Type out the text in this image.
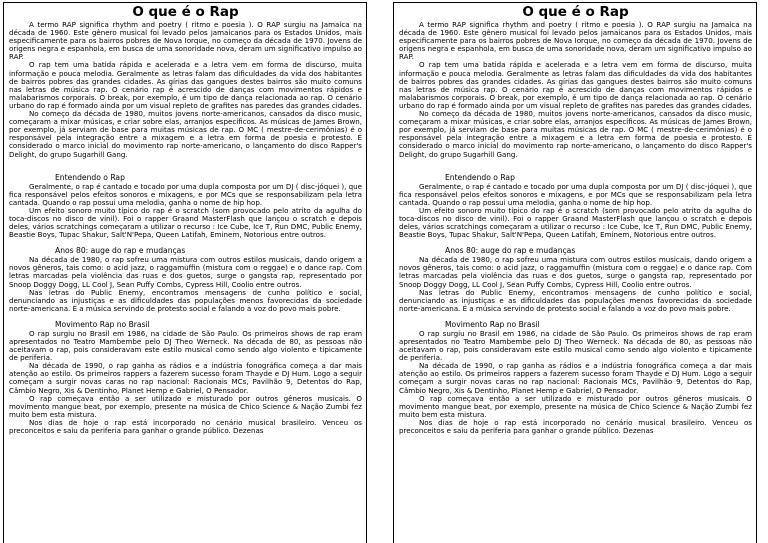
O que é o Rap

A termo RAP significa rhythm and poetry ( ritmo e poesia ). O RAP surgiu na Jamaica na década de 1960. Este gênero musical foi levado pelos jamaicanos para os Estados Unidos, mais especificamente para os bairros pobres de Nova Iorque, no começo da década de 1970. Jovens de origens negra e espanhola, em busca de uma sonoridade nova, deram um significativo impulso ao RAP.

O rap tem uma batida rápida e acelerada e a letra vem em forma de discurso, muita informação e pouca melodia. Geralmente as letras falam das dificuldades da vida dos habitantes de bairros pobres das grandes cidades. As gírias das gangues destes bairros são muito comuns nas letras de música rap. O cenário rap é acrescido de danças com movimentos rápidos e malabarismos corporais. O break, por exemplo, é um tipo de dança relacionada ao rap. O cenário urbano do rap é formado ainda por um visual repleto de grafites nas paredes das grandes cidades.

No começo da década de 1980, muitos jovens norte-americanos, cansados da disco music, começaram a mixar músicas, e criar sobre elas, arranjos específicos. As músicas de James Brown, por exemplo, já serviam de base para muitas músicas de rap. O MC ( mestre-de-cerimônias) é o responsável pela integração entre a mixagem e a letra em forma de poesia e protesto. É considerado o marco inicial do movimento rap norte-americano, o lançamento do disco Rapper's Delight, do grupo Sugarhill Gang.

Entendendo o Rap

Geralmente, o rap é cantado e tocado por uma dupla composta por um DJ ( disc-jóquei ), que fica responsável pelos efeitos sonoros e mixagens, e por MCs que se responsabilizam pela letra cantada. Quando o rap possui uma melodia, ganha o nome de hip hop.

Um efeito sonoro muito típico do rap é o scratch (som provocado pelo atrito da agulha do toca-discos no disco de vinil). Foi o rapper Graand MasterFlash que lançou o scratch e depois deles, vários scratchings começaram a utilizar o recurso : Ice Cube, Ice T, Run DMC, Public Enemy, Beastie Boys, Tupac Shakur, Salt'N'Pepa, Queen Latifah, Eminem, Notorious entre outros.

Anos 80: auge do rap e mudanças

Na década de 1980, o rap sofreu uma mistura com outros estilos musicais, dando origem a novos gêneros, tais como: o acid jazz, o raggamuffin (mistura com o reggae) e o dance rap. Com letras marcadas pela violência das ruas e dos guetos, surge o gangsta rap, representado por Snoop Doggy Dogg, LL Cool J, Sean Puffy Combs, Cypress Hill, Coolio entre outros.

Nas letras do Public Enemy, encontramos mensagens de cunho político e social, denunciando as injustiças e as dificuldades das populações menos favorecidas da sociedade norte-americana. É a música servindo de protesto social e falando a voz do povo mais pobre.

Movimento Rap no Brasil

O rap surgiu no Brasil em 1986, na cidade de São Paulo. Os primeiros shows de rap eram apresentados no Teatro Mambembe pelo DJ Theo Werneck. Na década de 80, as pessoas não aceitavam o rap, pois consideravam este estilo musical como sendo algo violento e tipicamente de periferia.

Na década de 1990, o rap ganha as rádios e a indústria fonográfica começa a dar mais atenção ao estilo. Os primeiros rappers a fazerem sucesso foram Thayde e DJ Hum. Logo a seguir começam a surgir novas caras no rap nacional: Racionais MCs, Pavilhão 9, Detentos do Rap, Câmbio Negro, Xis & Dentinho, Planet Hemp e Gabriel, O Pensador.

O rap começava então a ser utilizado e misturado por outros gêneros musicais. O movimento mangue beat, por exemplo, presente na música de Chico Science & Nação Zumbi fez muito bem esta mistura.

Nos dias de hoje o rap está incorporado no cenário musical brasileiro. Venceu os preconceitos e saiu da periferia para ganhar o grande público. Dezenas

O que é o Rap

A termo RAP significa rhythm and poetry ( ritmo e poesia ). O RAP surgiu na Jamaica na década de 1960. Este gênero musical foi levado pelos jamaicanos para os Estados Unidos, mais especificamente para os bairros pobres de Nova Iorque, no começo da década de 1970. Jovens de origens negra e espanhola, em busca de uma sonoridade nova, deram um significativo impulso ao RAP.

O rap tem uma batida rápida e acelerada e a letra vem em forma de discurso, muita informação e pouca melodia. Geralmente as letras falam das dificuldades da vida dos habitantes de bairros pobres das grandes cidades. As gírias das gangues destes bairros são muito comuns nas letras de música rap. O cenário rap é acrescido de danças com movimentos rápidos e malabarismos corporais. O break, por exemplo, é um tipo de dança relacionada ao rap. O cenário urbano do rap é formado ainda por um visual repleto de grafites nas paredes das grandes cidades.

No começo da década de 1980, muitos jovens norte-americanos, cansados da disco music, começaram a mixar músicas, e criar sobre elas, arranjos específicos. As músicas de James Brown, por exemplo, já serviam de base para muitas músicas de rap. O MC ( mestre-de-cerimônias) é o responsável pela integração entre a mixagem e a letra em forma de poesia e protesto. É considerado o marco inicial do movimento rap norte-americano, o lançamento do disco Rapper's Delight, do grupo Sugarhill Gang.

Entendendo o Rap

Geralmente, o rap é cantado e tocado por uma dupla composta por um DJ ( disc-jóquei ), que fica responsável pelos efeitos sonoros e mixagens, e por MCs que se responsabilizam pela letra cantada. Quando o rap possui uma melodia, ganha o nome de hip hop.

Um efeito sonoro muito típico do rap é o scratch (som provocado pelo atrito da agulha do toca-discos no disco de vinil). Foi o rapper Graand MasterFlash que lançou o scratch e depois deles, vários scratchings começaram a utilizar o recurso : Ice Cube, Ice T, Run DMC, Public Enemy, Beastie Boys, Tupac Shakur, Salt'N'Pepa, Queen Latifah, Eminem, Notorious entre outros.

Anos 80: auge do rap e mudanças

Na década de 1980, o rap sofreu uma mistura com outros estilos musicais, dando origem a novos gêneros, tais como: o acid jazz, o raggamuffin (mistura com o reggae) e o dance rap. Com letras marcadas pela violência das ruas e dos guetos, surge o gangsta rap, representado por Snoop Doggy Dogg, LL Cool J, Sean Puffy Combs, Cypress Hill, Coolio entre outros.

Nas letras do Public Enemy, encontramos mensagens de cunho político e social, denunciando as injustiças e as dificuldades das populações menos favorecidas da sociedade norte-americana. É a música servindo de protesto social e falando a voz do povo mais pobre.

Movimento Rap no Brasil

O rap surgiu no Brasil em 1986, na cidade de São Paulo. Os primeiros shows de rap eram apresentados no Teatro Mambembe pelo DJ Theo Werneck. Na década de 80, as pessoas não aceitavam o rap, pois consideravam este estilo musical como sendo algo violento e tipicamente de periferia.

Na década de 1990, o rap ganha as rádios e a indústria fonográfica começa a dar mais atenção ao estilo. Os primeiros rappers a fazerem sucesso foram Thayde e DJ Hum. Logo a seguir começam a surgir novas caras no rap nacional: Racionais MCs, Pavilhão 9, Detentos do Rap, Câmbio Negro, Xis & Dentinho, Planet Hemp e Gabriel, O Pensador.

O rap começava então a ser utilizado e misturado por outros gêneros musicais. O movimento mangue beat, por exemplo, presente na música de Chico Science & Nação Zumbi fez muito bem esta mistura.

Nos dias de hoje o rap está incorporado no cenário musical brasileiro. Venceu os preconceitos e saiu da periferia para ganhar o grande público. Dezenas
